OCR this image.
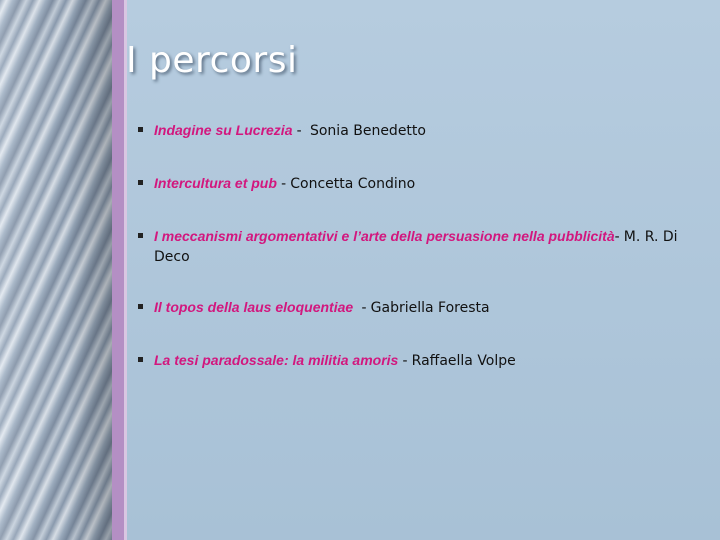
I percorsi
Indagine su Lucrezia -  Sonia Benedetto
Intercultura et pub - Concetta Condino
I meccanismi argomentativi e l’arte della persuasione nella pubblicità- M. R. Di Deco
Il topos della laus eloquentiae  - Gabriella Foresta
La tesi paradossale: la militia amoris - Raffaella Volpe
